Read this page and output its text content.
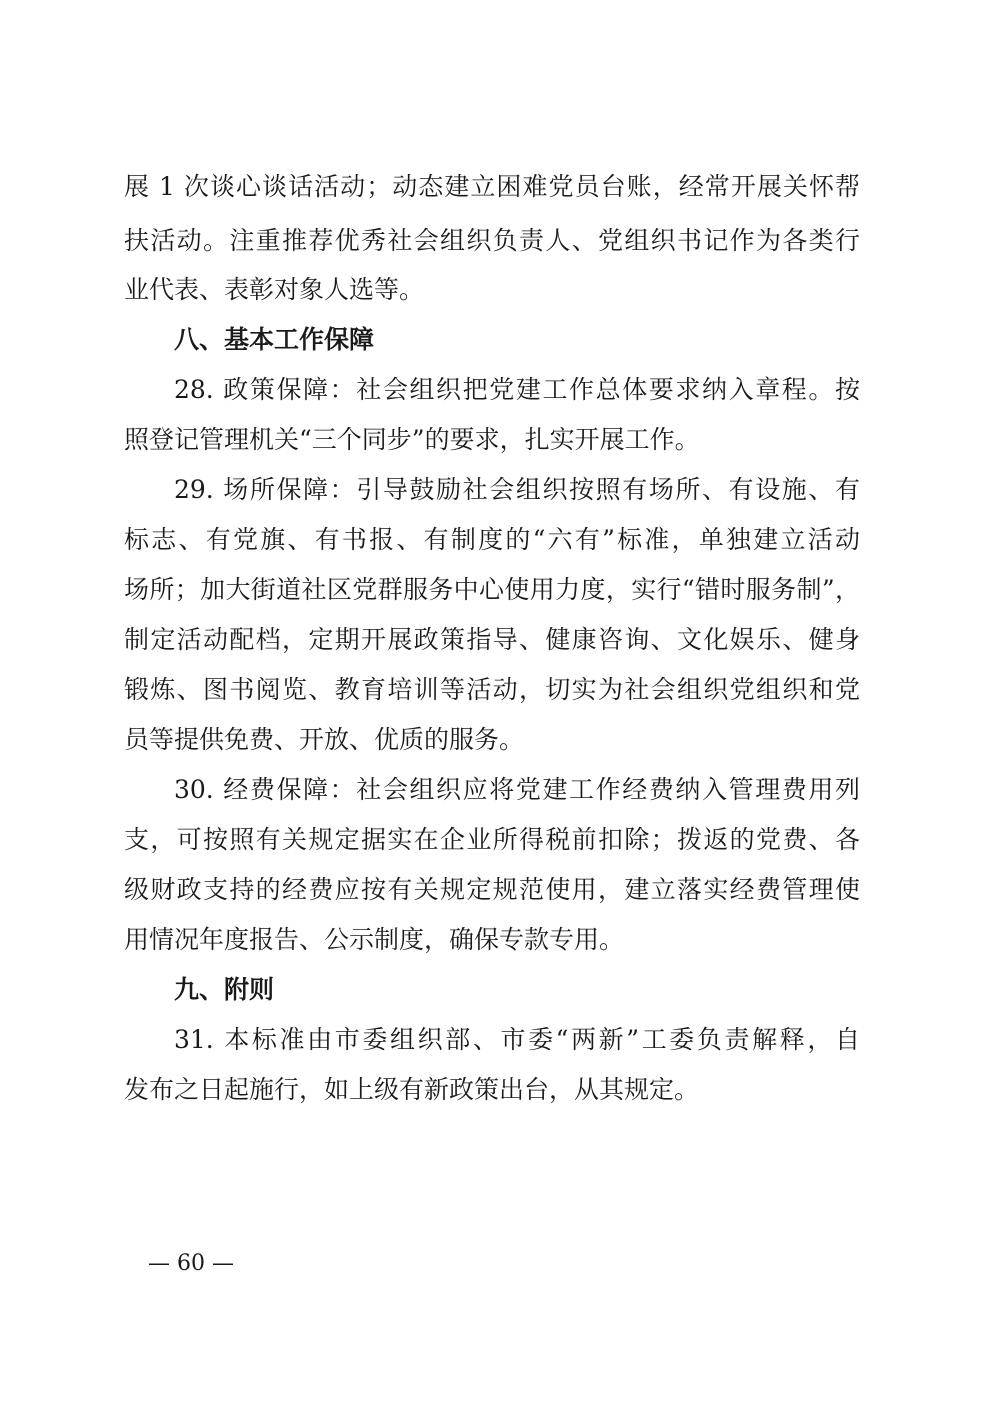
展 1 次谈心谈话活动；动态建立困难党员台账，经常开展关怀帮
扶活动。注重推荐优秀社会组织负责人、党组织书记作为各类行
业代表、表彰对象人选等。
八、基本工作保障
28. 政策保障：社会组织把党建工作总体要求纳入章程。按
照登记管理机关“三个同步”的要求，扎实开展工作。
29. 场所保障：引导鼓励社会组织按照有场所、有设施、有
标志、有党旗、有书报、有制度的“六有”标准，单独建立活动
场所；加大街道社区党群服务中心使用力度，实行“错时服务制”，
制定活动配档，定期开展政策指导、健康咨询、文化娱乐、健身
锻炼、图书阅览、教育培训等活动，切实为社会组织党组织和党
员等提供免费、开放、优质的服务。
30. 经费保障：社会组织应将党建工作经费纳入管理费用列
支，可按照有关规定据实在企业所得税前扣除；拨返的党费、各
级财政支持的经费应按有关规定规范使用，建立落实经费管理使
用情况年度报告、公示制度，确保专款专用。
九、附则
31. 本标准由市委组织部、市委“两新”工委负责解释，自
发布之日起施行，如上级有新政策出台，从其规定。
— 60 —
